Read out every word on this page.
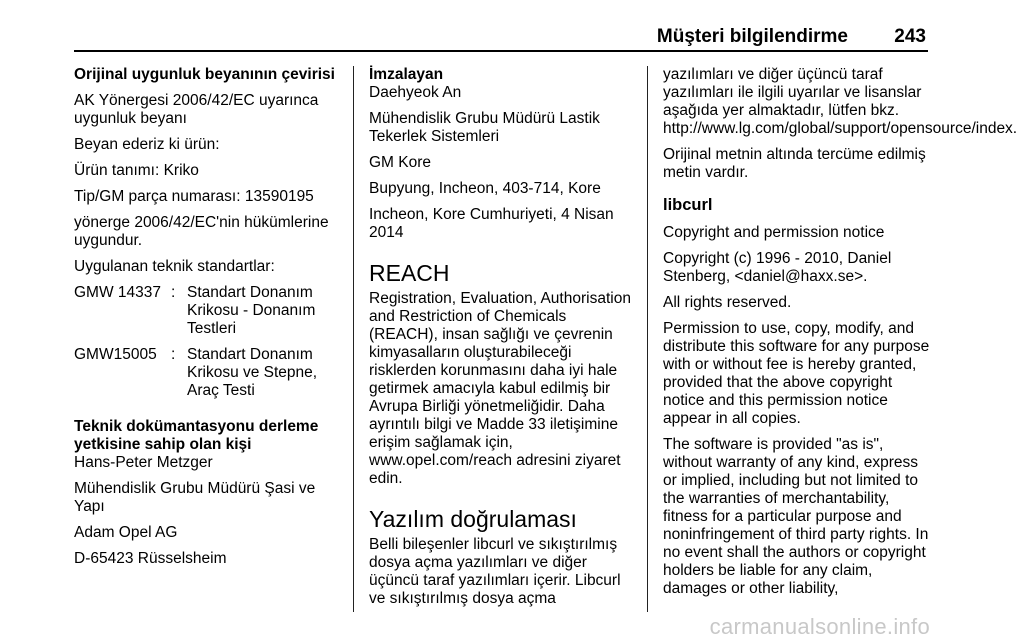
Müşteri bilgilendirme 243

Orijinal uygunluk beyanının çevirisi

AK Yönergesi 2006/42/EC uyarınca uygunluk beyanı

Beyan ederiz ki ürün:

Ürün tanımı: Kriko

Tip/GM parça numarası: 13590195

yönerge 2006/42/EC'nin hükümlerine uygundur.

Uygulanan teknik standartlar:

GMW 14337 : Standart Donanım Krikosu - Donanım Testleri
GMW15005 : Standart Donanım Krikosu ve Stepne, Araç Testi

Teknik dokümantasyonu derleme yetkisine sahip olan kişi

Hans-Peter Metzger

Mühendislik Grubu Müdürü Şasi ve Yapı

Adam Opel AG

D-65423 Rüsselsheim

İmzalayan

Daehyeok An

Mühendislik Grubu Müdürü Lastik Tekerlek Sistemleri

GM Kore

Bupyung, Incheon, 403-714, Kore

Incheon, Kore Cumhuriyeti, 4 Nisan 2014

REACH

Registration, Evaluation, Authorisation and Restriction of Chemicals (REACH), insan sağlığı ve çevrenin kimyasalların oluşturabileceği risklerden korunmasını daha iyi hale getirmek amacıyla kabul edilmiş bir Avrupa Birliği yönetmeliğidir. Daha ayrıntılı bilgi ve Madde 33 iletişimine erişim sağlamak için, www.opel.com/reach adresini ziyaret edin.

Yazılım doğrulaması

Belli bileşenler libcurl ve sıkıştırılmış dosya açma yazılımları ve diğer üçüncü taraf yazılımları içerir. Libcurl ve sıkıştırılmış dosya açma

yazılımları ve diğer üçüncü taraf yazılımları ile ilgili uyarılar ve lisanslar aşağıda yer almaktadır, lütfen bkz. http://www.lg.com/global/support/opensource/index.

Orijinal metnin altında tercüme edilmiş metin vardır.

libcurl

Copyright and permission notice

Copyright (c) 1996 - 2010, Daniel Stenberg, <daniel@haxx.se>.

All rights reserved.

Permission to use, copy, modify, and distribute this software for any purpose with or without fee is hereby granted, provided that the above copyright notice and this permission notice appear in all copies.

The software is provided "as is", without warranty of any kind, express or implied, including but not limited to the warranties of merchantability, fitness for a particular purpose and noninfringement of third party rights. In no event shall the authors or copyright holders be liable for any claim, damages or other liability,

carmanualsonline.info
